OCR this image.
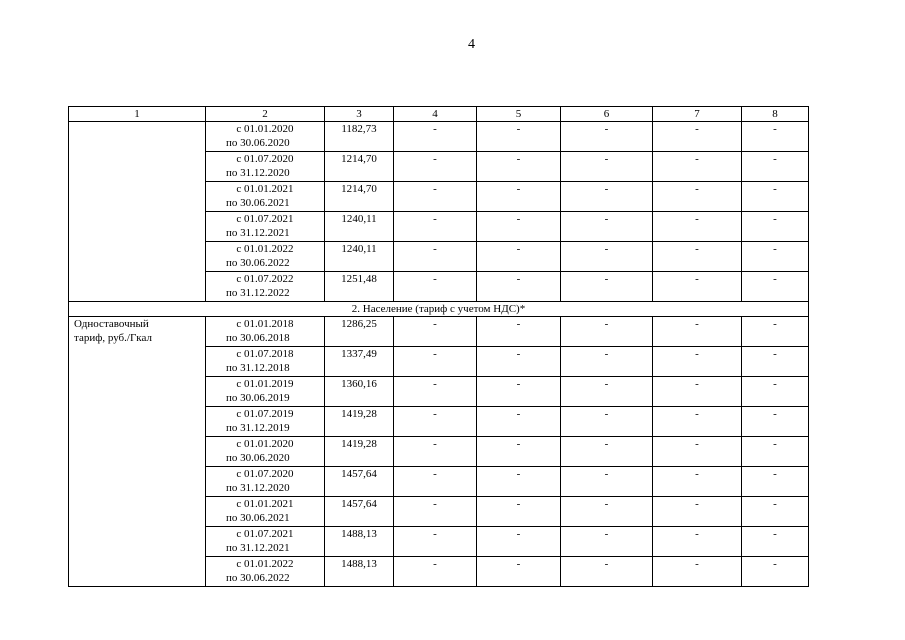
4
1	2	3	4	5	6	7	8

	с 01.01.2020
по 30.06.2020	1182,73	-	-	-	-	-

	с 01.07.2020
по 31.12.2020	1214,70	-	-	-	-	-

	с 01.01.2021
по 30.06.2021	1214,70	-	-	-	-	-

	с 01.07.2021
по 31.12.2021	1240,11	-	-	-	-	-

	с 01.01.2022
по 30.06.2022	1240,11	-	-	-	-	-

	с 01.07.2022
по 31.12.2022	1251,48	-	-	-	-	-
2. Население (тариф с учетом НДС)*							

Одноставочный
тариф, руб./Гкал	с 01.01.2018
по 30.06.2018	1286,25	-	-	-	-	-

	с 01.07.2018
по 31.12.2018	1337,49	-	-	-	-	-

	с 01.01.2019
по 30.06.2019	1360,16	-	-	-	-	-

	с 01.07.2019
по 31.12.2019	1419,28	-	-	-	-	-

	с 01.01.2020
по 30.06.2020	1419,28	-	-	-	-	-

	с 01.07.2020
по 31.12.2020	1457,64	-	-	-	-	-

	с 01.01.2021
по 30.06.2021	1457,64	-	-	-	-	-

	с 01.07.2021
по 31.12.2021	1488,13	-	-	-	-	-

	с 01.01.2022
по 30.06.2022	1488,13	-	-	-	-	-
